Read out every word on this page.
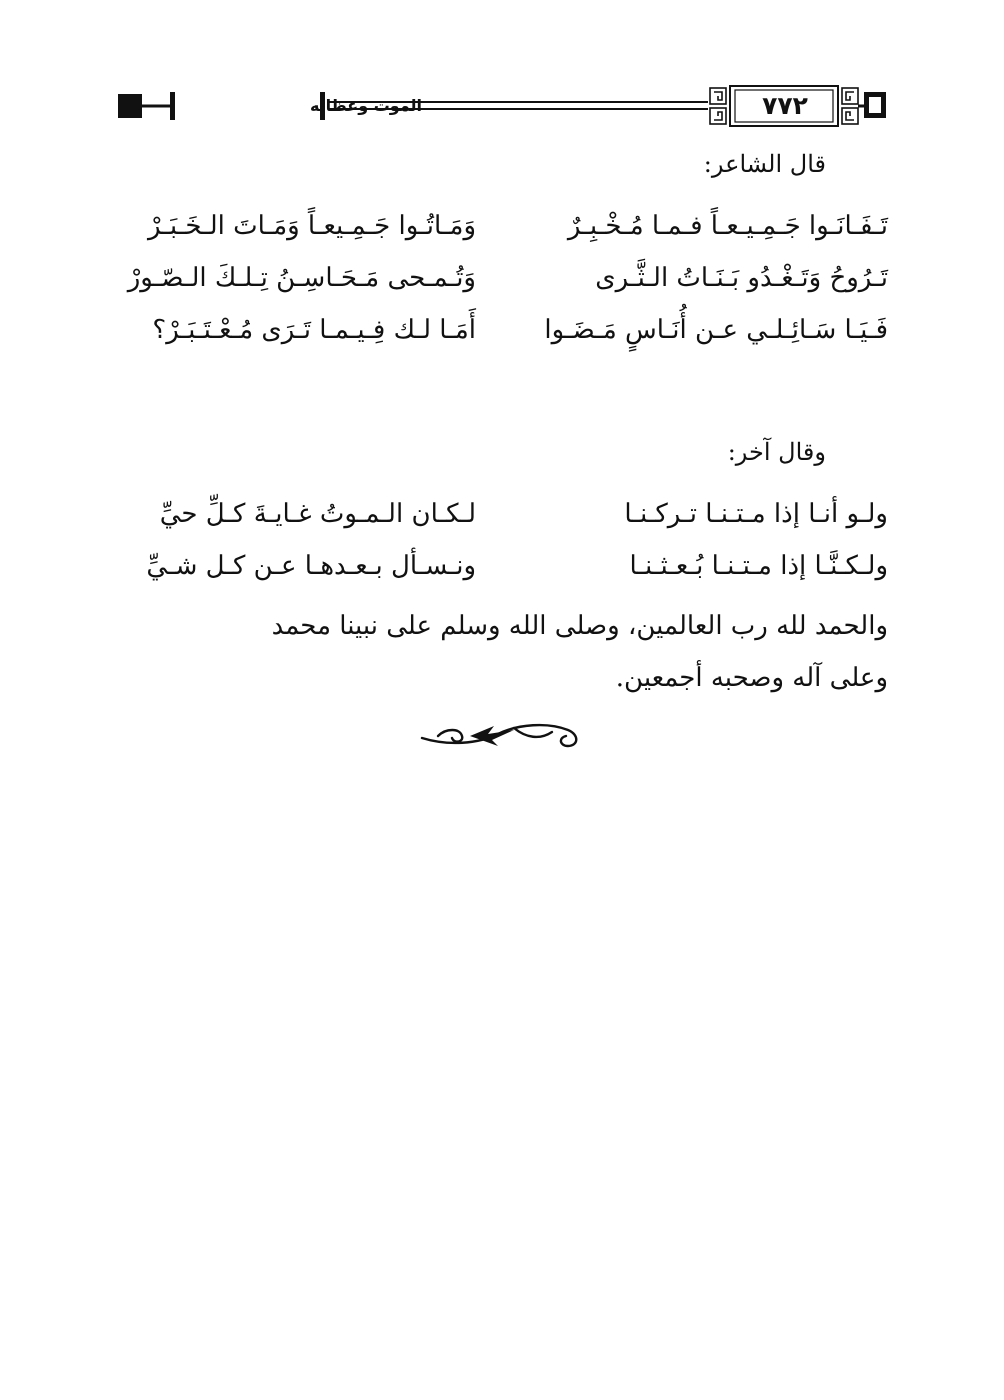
٧٧٢
الموت وعظاته
قال الشاعر:
تَـفَـانَـوا جَـمِـيـعـاً فـمـا مُـخْـبِـرٌ
وَمَـاتُـوا جَـمِـيعـاً وَمَـاتَ الـخَـبَـرْ
تَـرُوحُ وَتَـغْـدُو بَـنَـاتُ الـثَّـرى
وَتُـمـحى مَـحَـاسِـنُ تِـلـكَ الـصّـورْ
فَـيَـا سَـائِـلـي عـن أُنَـاسٍ مَـضَـوا
أَمَـا لـك فِـيـمـا تَـرَى مُـعْـتَـبَـرْ؟
وقال آخر:
ولـو أنـا إذا مـتـنـا تـركـنـا
لـكـان الـمـوتُ غـايـةَ كـلِّ حيِّ
ولـكـنَّـا إذا مـتـنـا بُـعـثـنـا
ونـسـأل بـعـدهـا عـن كـل شـيِّ
والحمد لله رب العالمين، وصلى الله وسلم على نبينا محمد
وعلى آله وصحبه أجمعين.
